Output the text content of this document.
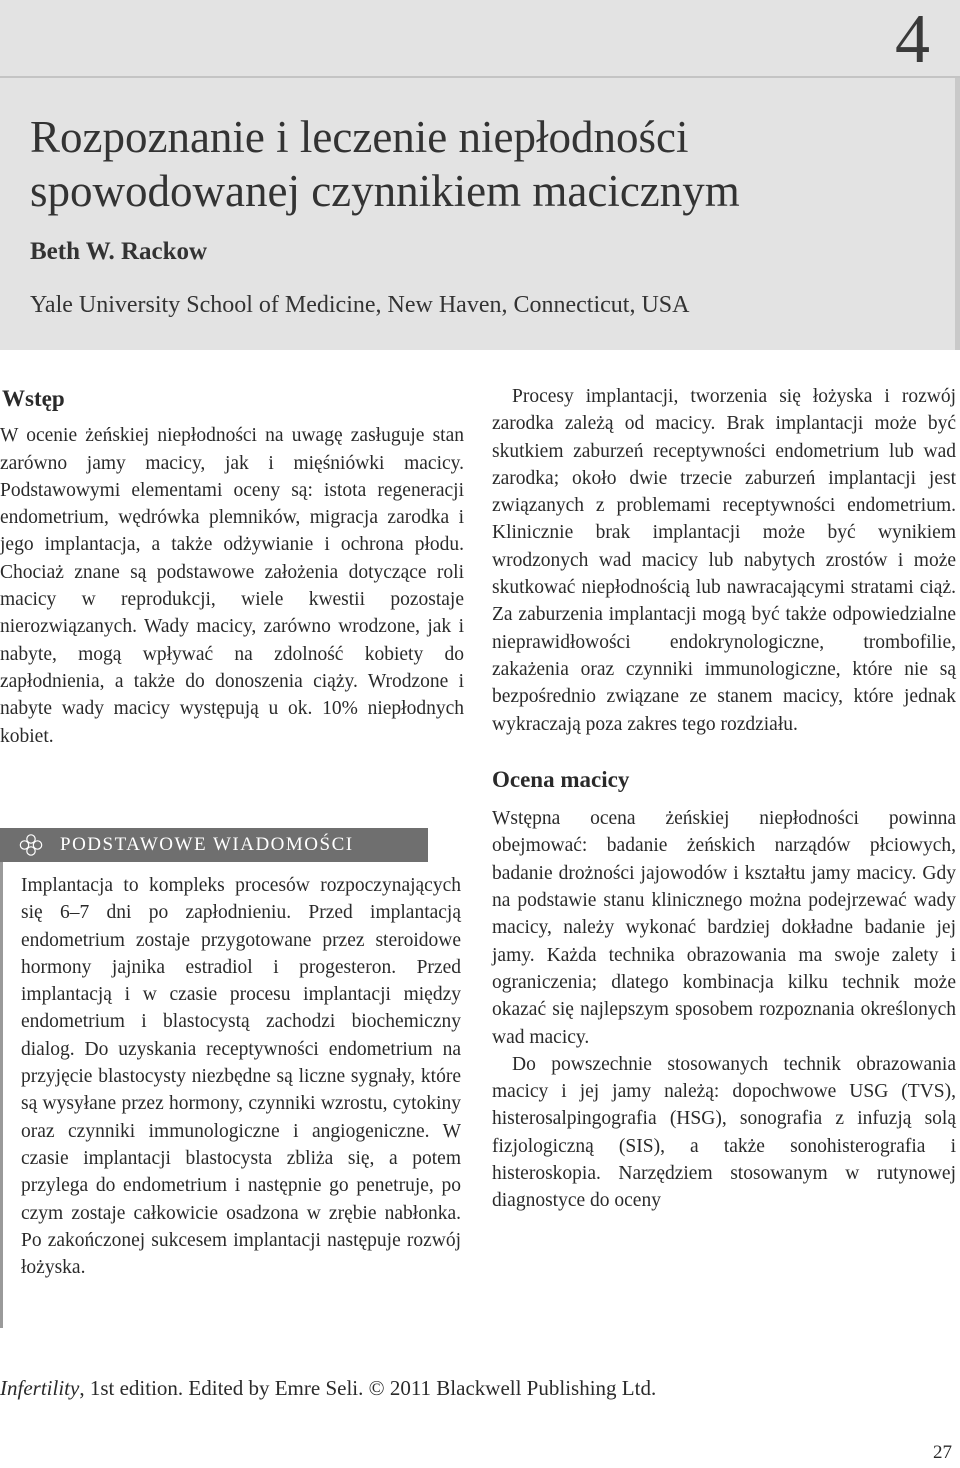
4
Rozpoznanie i leczenie niepłodności
spowodowanej czynnikiem macicznym
Beth W. Rackow
Yale University School of Medicine, New Haven, Connecticut, USA
Wstęp

W ocenie żeńskiej niepłodności na uwagę zasługuje stan zarówno jamy macicy, jak i mięśniówki macicy. Podstawowymi elementami oceny są: istota regeneracji endometrium, wędrówka plemników, migracja zarodka i jego implantacja, a także odżywianie i ochrona płodu. Chociaż znane są podstawowe założenia dotyczące roli macicy w reprodukcji, wiele kwestii pozostaje nierozwiązanych. Wady macicy, zarówno wrodzone, jak i nabyte, mogą wpływać na zdolność kobiety do zapłodnienia, a także do donoszenia ciąży. Wrodzone i nabyte wady macicy występują u ok. 10% niepłodnych kobiet.

PODSTAWOWE WIADOMOŚCI

Implantacja to kompleks procesów rozpoczynających się 6–7 dni po zapłodnieniu. Przed implantacją endometrium zostaje przygotowane przez steroidowe hormony jajnika estradiol i progesteron. Przed implantacją i w czasie procesu implantacji między endometrium i blastocystą zachodzi biochemiczny dialog. Do uzyskania receptywności endometrium na przyjęcie blastocysty niezbędne są liczne sygnały, które są wysyłane przez hormony, czynniki wzrostu, cytokiny oraz czynniki immunologiczne i angiogeniczne. W czasie implantacji blastocysta zbliża się, a potem przylega do endometrium i następnie go penetruje, po czym zostaje całkowicie osadzona w zrębie nabłonka. Po zakończonej sukcesem implantacji następuje rozwój łożyska.

Procesy implantacji, tworzenia się łożyska i rozwój zarodka zależą od macicy. Brak implantacji może być skutkiem zaburzeń receptywności endometrium lub wad zarodka; około dwie trzecie zaburzeń implantacji jest związanych z problemami receptywności endometrium. Klinicznie brak implantacji może być wynikiem wrodzonych wad macicy lub nabytych zrostów i może skutkować niepłodnością lub nawracającymi stratami ciąż. Za zaburzenia implantacji mogą być także odpowiedzialne nieprawidłowości endokrynologiczne, trombofilie, zakażenia oraz czynniki immunologiczne, które nie są bezpośrednio związane ze stanem macicy, które jednak wykraczają poza zakres tego rozdziału.

Ocena macicy

Wstępna ocena żeńskiej niepłodności powinna obejmować: badanie żeńskich narządów płciowych, badanie drożności jajowodów i kształtu jamy macicy. Gdy na podstawie stanu klinicznego można podejrzewać wady macicy, należy wykonać bardziej dokładne badanie jej jamy. Każda technika obrazowania ma swoje zalety i ograniczenia; dlatego kombinacja kilku technik może okazać się najlepszym sposobem rozpoznania określonych wad macicy.

Do powszechnie stosowanych technik obrazowania macicy i jej jamy należą: dopochwowe USG (TVS), histerosalpingografia (HSG), sonografia z infuzją solą fizjologiczną (SIS), a także sonohisterografia i histeroskopia. Narzędziem stosowanym w rutynowej diagnostyce do oceny

Infertility, 1st edition. Edited by Emre Seli. © 2011 Blackwell Publishing Ltd.
27
